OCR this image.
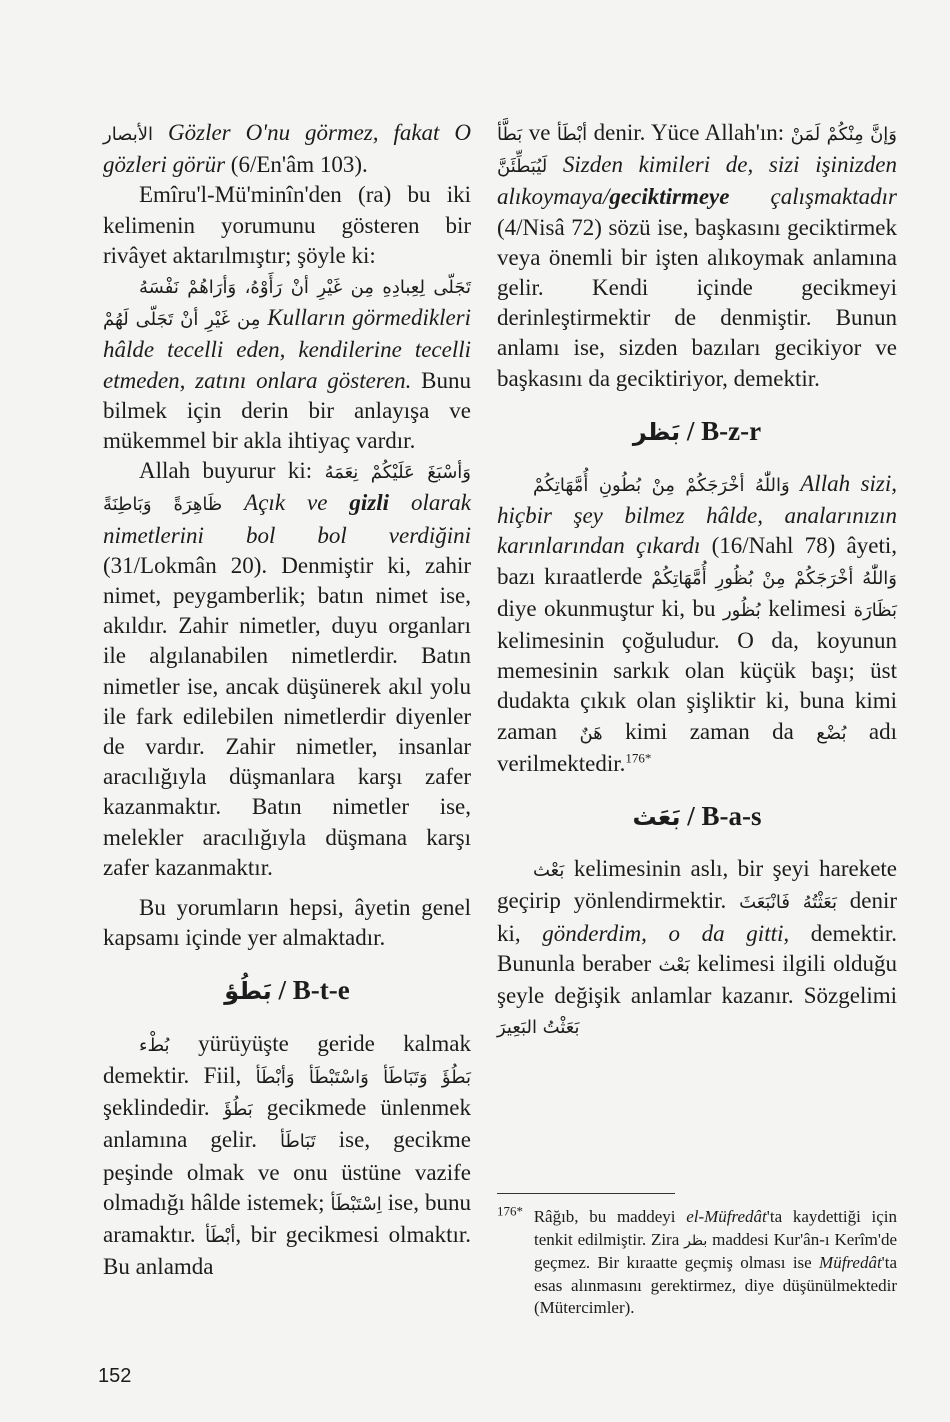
الأبصار Gözler O'nu görmez, fakat O gözleri görür (6/En'âm 103).

Emîru'l-Mü'minîn'den (ra) bu iki kelimenin yorumunu gösteren bir rivâyet aktarılmıştır; şöyle ki:

تَجَلّى لِعِبادِهِ مِن غَيْرِ أنْ رَأَوْهُ، وَأرَاهُمْ نَفْسَهُ مِن غَيْرِ أنْ تَجَلّى لَهُمْ Kulların görmedikleri hâlde tecelli eden, kendilerine tecelli etmeden, zatını onlara gösteren. Bunu bilmek için derin bir anlayışa ve mükemmel bir akla ihtiyaç vardır.

Allah buyurur ki: وَأسْبَغَ عَلَيْكُمْ نِعَمَهُ ظَاهِرَةً وَبَاطِنَةً Açık ve gizli olarak nimetlerini bol bol verdiğini (31/Lokmân 20). Denmiştir ki, zahir nimet, peygamberlik; batın nimet ise, akıldır. Zahir nimetler, duyu organları ile algılanabilen nimetlerdir. Batın nimetler ise, ancak düşünerek akıl yolu ile fark edilebilen nimetlerdir diyenler de vardır. Zahir nimetler, insanlar aracılığıyla düşmanlara karşı zafer kazanmaktır. Batın nimetler ise, melekler aracılığıyla düşmana karşı zafer kazanmaktır.

Bu yorumların hepsi, âyetin genel kapsamı içinde yer almaktadır.

بَطُؤ / B-t-e

بُطْء yürüyüşte geride kalmak demektir. Fiil, بَطُؤَ وَتَبَاطَأ وَاسْتَبْطَأ وَأبْطَأ şeklindedir. بَطُؤَ gecikmede ünlenmek anlamına gelir. تَبَاطَأ ise, gecikme peşinde olmak ve onu üstüne vazife olmadığı hâlde istemek; اِسْتَبْطَأ ise, bunu aramaktır. أبْطَأ, bir gecikmesi olmaktır. Bu anlamda

بَطَّأ ve أبْطَأ denir. Yüce Allah'ın: وَإنَّ مِنْكُمْ لَمَنْ لَيُبَطِّئَنَّ Sizden kimileri de, sizi işinizden alıkoymaya/geciktirmeye çalışmaktadır (4/Nisâ 72) sözü ise, başkasını geciktirmek veya önemli bir işten alıkoymak anlamına gelir. Kendi içinde gecikmeyi derinleştirmektir de denmiştir. Bunun anlamı ise, sizden bazıları gecikiyor ve başkasını da geciktiriyor, demektir.

بَظر / B-z-r

وَاللّٰهُ أخْرَجَكُمْ مِنْ بُطُونِ أُمَّهَاتِكُمْ Allah sizi, hiçbir şey bilmez hâlde, analarınızın karınlarından çıkardı (16/Nahl 78) âyeti, bazı kıraatlerde وَاللّٰهُ أخْرَجَكُمْ مِنْ بُظُورِ أُمَّهَاتِكُمْ diye okunmuştur ki, bu بُظُور kelimesi بَظَارَة kelimesinin çoğuludur. O da, koyunun memesinin sarkık olan küçük başı; üst dudakta çıkık olan şişliktir ki, buna kimi zaman هَنٌ kimi zaman da بُضْع adı verilmektedir.$^{176*}$

بَعَث / B-a-s

بَعْث kelimesinin aslı, bir şeyi harekete geçirip yönlendirmektir.	بَعَثْتُهُ فَانْبَعَثَ	denir ki, gönderdim, o da gitti, demektir. Bununla beraber بَعْث kelimesi ilgili olduğu şeyle değişik anlamlar kazanır. Sözgelimi بَعَثْتُ البَعِيرَ

$^{176*}$ Râğıb, bu maddeyi el-Müfredât'ta kaydettiği için tenkit edilmiştir. Zira بظر maddesi Kur'ân-ı Kerîm'de geçmez. Bir kıraatte geçmiş olması ise Müfredât'ta esas alınmasını gerektirmez, diye düşünülmektedir (Mütercimler).
152
